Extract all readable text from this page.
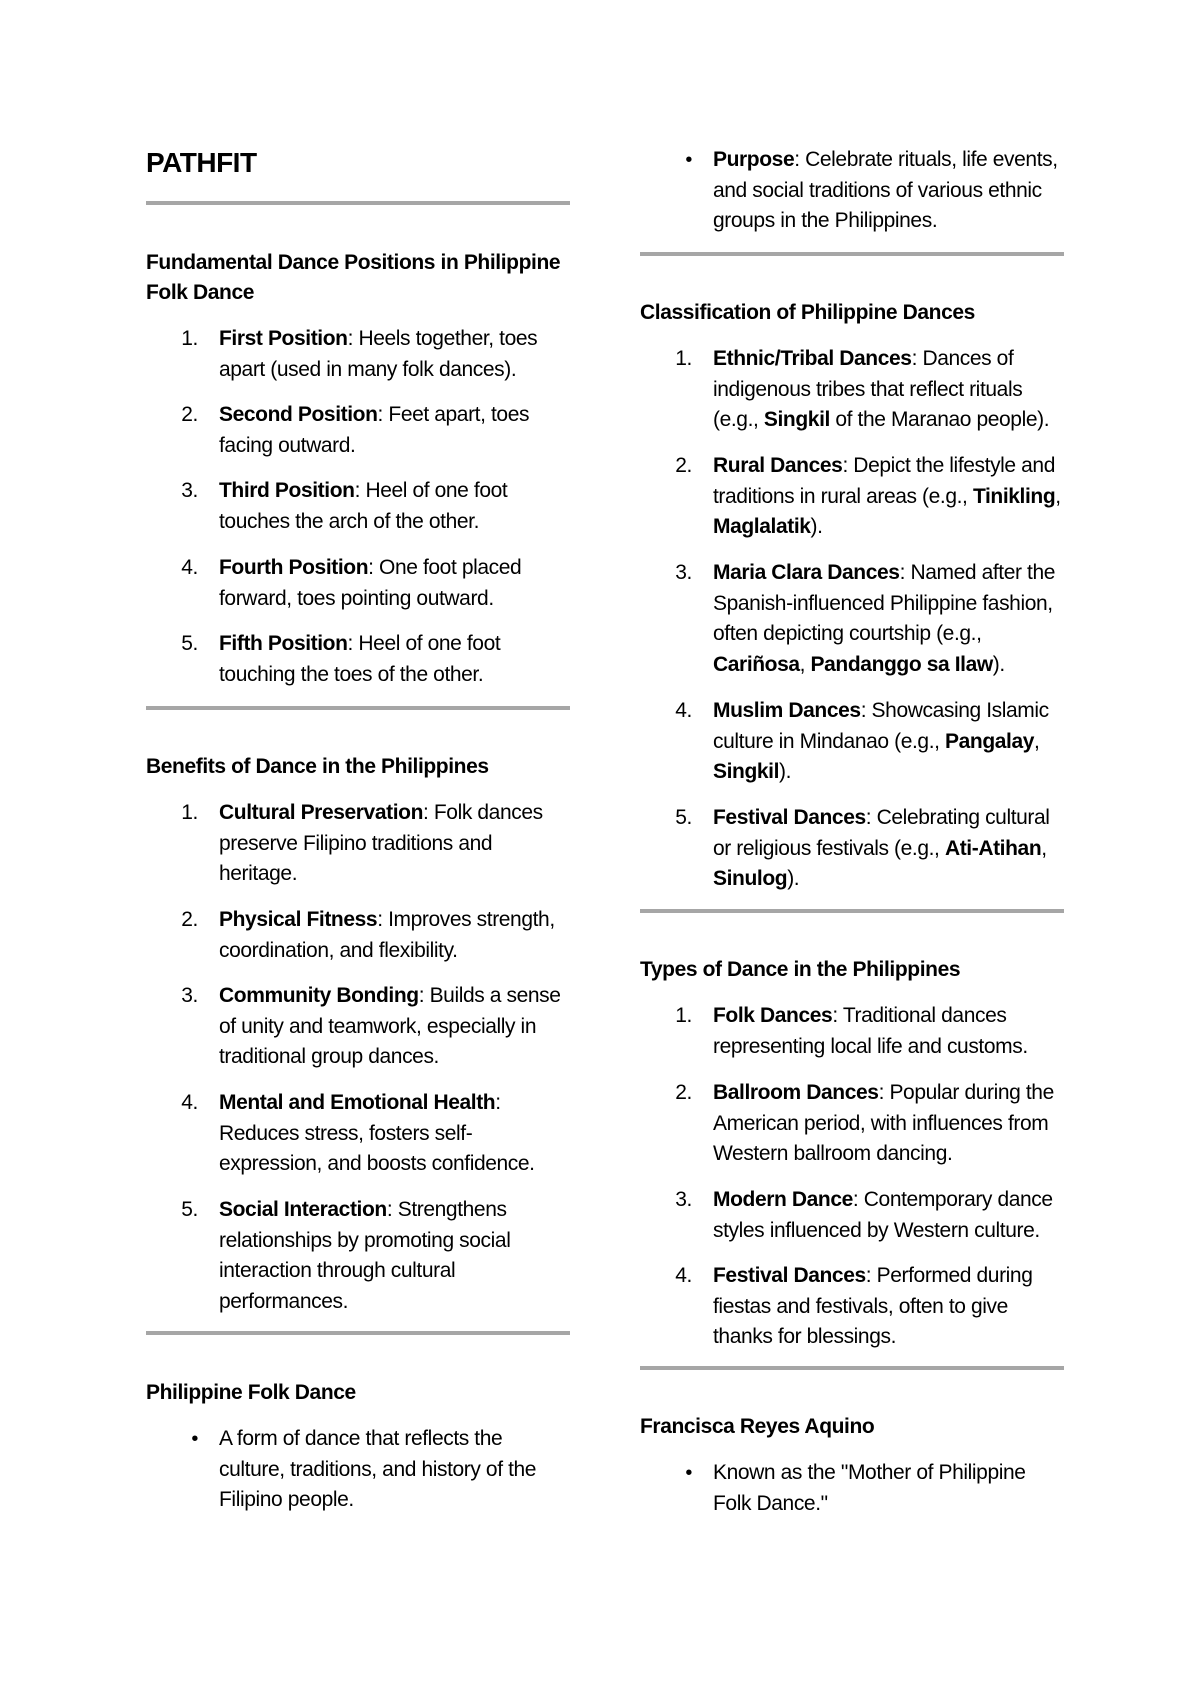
PATHFIT
Fundamental Dance Positions in Philippine Folk Dance
1. First Position: Heels together, toes
apart (used in many folk dances).
2. Second Position: Feet apart, toes
facing outward.
3. Third Position: Heel of one foot
touches the arch of the other.
4. Fourth Position: One foot placed
forward, toes pointing outward.
5. Fifth Position: Heel of one foot
touching the toes of the other.
Benefits of Dance in the Philippines
1. Cultural Preservation: Folk dances
preserve Filipino traditions and
heritage.
2. Physical Fitness: Improves strength,
coordination, and flexibility.
3. Community Bonding: Builds a sense
of unity and teamwork, especially in
traditional group dances.
4. Mental and Emotional Health:
Reduces stress, fosters self-
expression, and boosts confidence.
5. Social Interaction: Strengthens
relationships by promoting social
interaction through cultural
performances.
Philippine Folk Dance
• A form of dance that reflects the
culture, traditions, and history of the
Filipino people.
• Purpose: Celebrate rituals, life events,
and social traditions of various ethnic
groups in the Philippines.
Classification of Philippine Dances
1. Ethnic/Tribal Dances: Dances of
indigenous tribes that reflect rituals
(e.g., Singkil of the Maranao people).
2. Rural Dances: Depict the lifestyle and
traditions in rural areas (e.g., Tinikling,
Maglalatik).
3. Maria Clara Dances: Named after the
Spanish-influenced Philippine fashion,
often depicting courtship (e.g.,
Cariñosa, Pandanggo sa Ilaw).
4. Muslim Dances: Showcasing Islamic
culture in Mindanao (e.g., Pangalay,
Singkil).
5. Festival Dances: Celebrating cultural
or religious festivals (e.g., Ati-Atihan,
Sinulog).
Types of Dance in the Philippines
1. Folk Dances: Traditional dances
representing local life and customs.
2. Ballroom Dances: Popular during the
American period, with influences from
Western ballroom dancing.
3. Modern Dance: Contemporary dance
styles influenced by Western culture.
4. Festival Dances: Performed during
fiestas and festivals, often to give
thanks for blessings.
Francisca Reyes Aquino
• Known as the "Mother of Philippine
Folk Dance."
